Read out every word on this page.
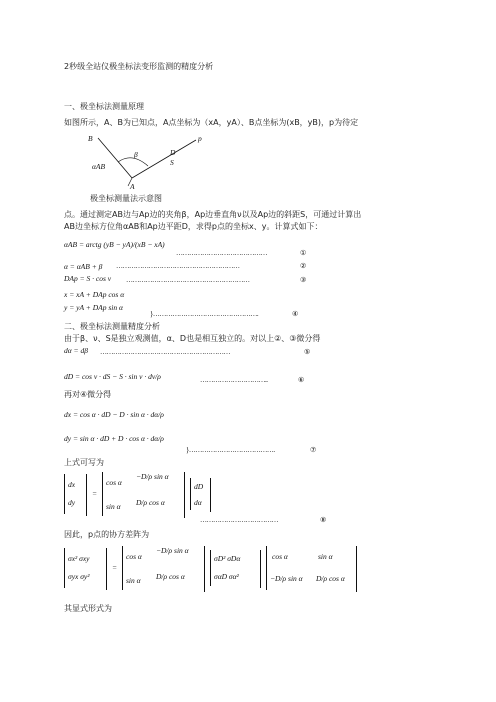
2秒级全站仪极坐标法变形监测的精度分析
一、极坐标法测量原理
如图所示，A、B为已知点，A点坐标为（xA，yA）、B点坐标为(xB，yB)，p为待定
B	p
αAB
β	D
S
A
极坐标测量法示意图
点。通过测定AB边与Ap边的夹角β，Ap边垂直角ν以及Ap边的斜距S，可通过计算出
AB边坐标方位角αAB和Ap边平距D，求得p点的坐标x、y。计算式如下：
αAB = arctg (yB − yA)/(xB − xA)
……………………………………	①
α = αAB + β …………………………………………………	②
DAp = S · cos ν …………………………………………………	③
x = xA + DAp cos α
y = yA + DAp sin α
}………………………………………….	④
二、极坐标法测量精度分析
由于β、ν、S是独立观测值，α、D也是相互独立的。对以上②、③微分得
dα = dβ ……………………………………………………	⑤
dD = cos ν · dS − S · sin ν · dν/ρ	…………………………..	⑥
再对④微分得
dx = cos α · dD − D · sin α · dα/ρ
dy = sin α · dD + D · cos α · dα/ρ
}………………………………….	⑦
上式可写为
dx
dy
=
cos α
−D/ρ sin α
sin α D/ρ cos α
dD
dα
………………………………	⑧
因此，p点的协方差阵为
σx² σxy
σyx σy²
=
cos α
−D/ρ sin α
sin α D/ρ cos α
σD² σDα
σαD σα²
cos α	sin α
−D/ρ sin α D/ρ cos α
其显式形式为
